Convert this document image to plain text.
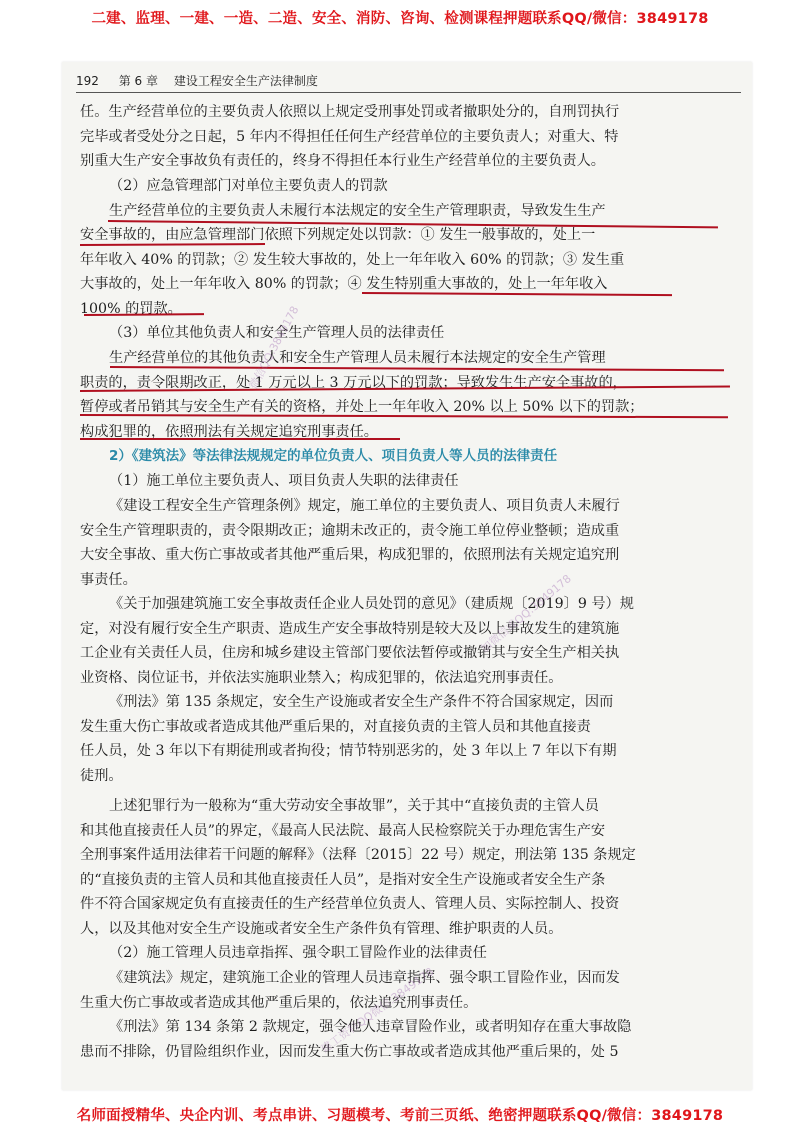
二建、监理、一建、一造、二造、安全、消防、咨询、检测课程押题联系QQ/微信：3849178
192 第 6 章 建设工程安全生产法律制度
任。生产经营单位的主要负责人依照以上规定受刑事处罚或者撤职处分的，自刑罚执行
完毕或者受处分之日起，5 年内不得担任任何生产经营单位的主要负责人；对重大、特
别重大生产安全事故负有责任的，终身不得担任本行业生产经营单位的主要负责人。
（2）应急管理部门对单位主要负责人的罚款
生产经营单位的主要负责人未履行本法规定的安全生产管理职责，导致发生生产
安全事故的，由应急管理部门依照下列规定处以罚款：① 发生一般事故的，处上一
年年收入 40% 的罚款；② 发生较大事故的，处上一年年收入 60% 的罚款；③ 发生重
大事故的，处上一年年收入 80% 的罚款；④ 发生特别重大事故的，处上一年年收入
100% 的罚款。
（3）单位其他负责人和安全生产管理人员的法律责任
生产经营单位的其他负责人和安全生产管理人员未履行本法规定的安全生产管理
职责的，责令限期改正，处 1 万元以上 3 万元以下的罚款；导致发生生产安全事故的，
暂停或者吊销其与安全生产有关的资格，并处上一年年收入 20% 以上 50% 以下的罚款；
构成犯罪的，依照刑法有关规定追究刑事责任。
2）《建筑法》等法律法规规定的单位负责人、项目负责人等人员的法律责任
（1）施工单位主要负责人、项目负责人失职的法律责任
《建设工程安全生产管理条例》规定，施工单位的主要负责人、项目负责人未履行
安全生产管理职责的，责令限期改正；逾期未改正的，责令施工单位停业整顿；造成重
大安全事故、重大伤亡事故或者其他严重后果，构成犯罪的，依照刑法有关规定追究刑
事责任。
《关于加强建筑施工安全事故责任企业人员处罚的意见》（建质规〔2019〕9 号）规
定，对没有履行安全生产职责、造成生产安全事故特别是较大及以上事故发生的建筑施
工企业有关责任人员，住房和城乡建设主管部门要依法暂停或撤销其与安全生产相关执
业资格、岗位证书，并依法实施职业禁入；构成犯罪的，依法追究刑事责任。
《刑法》第 135 条规定，安全生产设施或者安全生产条件不符合国家规定，因而
发生重大伤亡事故或者造成其他严重后果的，对直接负责的主管人员和其他直接责
任人员，处 3 年以下有期徒刑或者拘役；情节特别恶劣的，处 3 年以上 7 年以下有期
徒刑。
上述犯罪行为一般称为“重大劳动安全事故罪”，关于其中“直接负责的主管人员
和其他直接责任人员”的界定，《最高人民法院、最高人民检察院关于办理危害生产安
全刑事案件适用法律若干问题的解释》（法释〔2015〕22 号）规定，刑法第 135 条规定
的“直接负责的主管人员和其他直接责任人员”，是指对安全生产设施或者安全生产条
件不符合国家规定负有直接责任的生产经营单位负责人、管理人员、实际控制人、投资
人，以及其他对安全生产设施或者安全生产条件负有管理、维护职责的人员。
（2）施工管理人员违章指挥、强令职工冒险作业的法律责任
《建筑法》规定，建筑施工企业的管理人员违章指挥、强令职工冒险作业，因而发
生重大伤亡事故或者造成其他严重后果的，依法追究刑事责任。
《刑法》第 134 条第 2 款规定，强令他人违章冒险作业，或者明知存在重大事故隐
患而不排除，仍冒险组织作业，因而发生重大伤亡事故或者造成其他严重后果的，处 5
微信QQ:3849178
加微信或QQ:3849178
建工资料QQ微信:3849178
名师面授精华、央企内训、考点串讲、习题模考、考前三页纸、绝密押题联系QQ/微信：3849178
